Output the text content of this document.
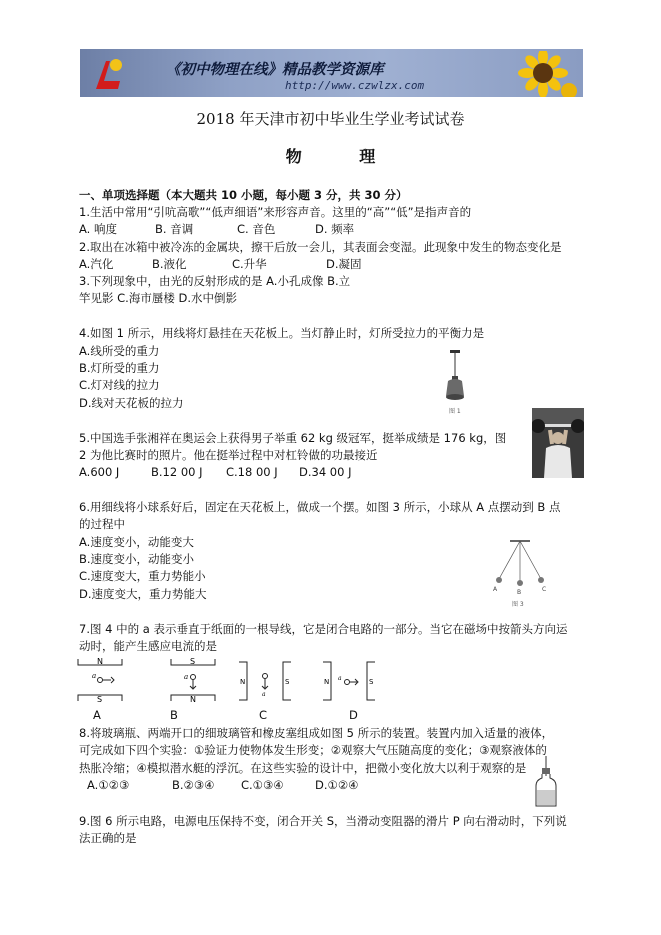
《初中物理在线》精品教学资源库
http://www.czwlzx.com
2018 年天津市初中毕业生学业考试试卷
物 理
一、单项选择题（本大题共 10 小题，每小题 3 分，共 30 分）
1.生活中常用“引吭高歌”“低声细语”来形容声音。这里的“高”“低”是指声音的
A. 响度	B. 音调	C. 音色	D. 频率
2.取出在冰箱中被冷冻的金属块，擦干后放一会儿，其表面会变湿。此现象中发生的物态变化是
A.汽化	B.液化	C.升华	D.凝固
3.下列现象中，由光的反射形成的是 A.小孔成像 B.立
竿见影 C.海市蜃楼 D.水中倒影
4.如图 1 所示，用线将灯悬挂在天花板上。当灯静止时，灯所受拉力的平衡力是
A.线所受的重力
B.灯所受的重力
C.灯对线的拉力
D.线对天花板的拉力
图 1
5.中国选手张湘祥在奥运会上获得男子举重 62 kg 级冠军，挺举成绩是 176 kg，图
2 为他比赛时的照片。他在挺举过程中对杠铃做的功最接近
A.600 J	B.12 00 J C.18 00 J D.34 00 J
6.用细线将小球系好后，固定在天花板上，做成一个摆。如图 3 所示，小球从 A 点摆动到 B 点
的过程中
A.速度变小，动能变大
B.速度变小，动能变小
C.速度变大，重力势能小
D.速度变大，重力势能大	A	B	C
图 3
7.图 4 中的 a 表示垂直于纸面的一根导线，它是闭合电路的一部分。当它在磁场中按箭头方向运
动时，能产生感应电流的是
N
a
S
S
a
N
N
a
S	N a	S
A	B	C	D
8.将玻璃瓶、两端开口的细玻璃管和橡皮塞组成如图 5 所示的装置。装置内加入适量的液体，
可完成如下四个实验：①验证力使物体发生形变；②观察大气压随高度的变化；③观察液体的
热胀冷缩；④模拟潜水艇的浮沉。在这些实验的设计中，把微小变化放大以利于观察的是
A.①②③	B.②③④ C.①③④	D.①②④
9.图 6 所示电路，电源电压保持不变，闭合开关 S，当滑动变阻器的滑片 P 向右滑动时，下列说
法正确的是
